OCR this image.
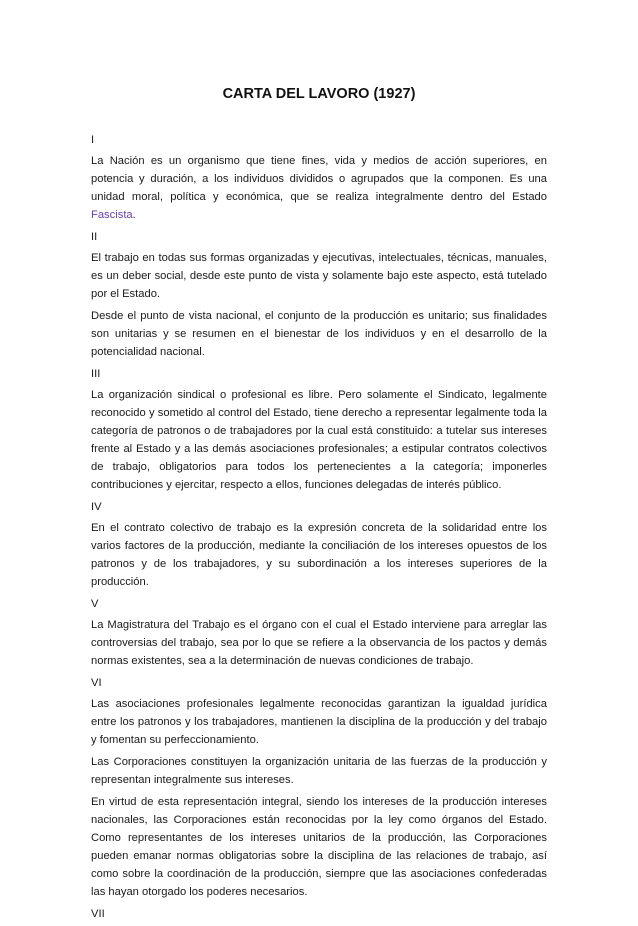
CARTA DEL LAVORO (1927)

I

La Nación es un organismo que tiene fines, vida y medios de acción superiores, en potencia y duración, a los individuos divididos o agrupados que la componen. Es una unidad moral, política y económica, que se realiza integralmente dentro del Estado Fascista.

II

El trabajo en todas sus formas organizadas y ejecutivas, intelectuales, técnicas, manuales, es un deber social, desde este punto de vista y solamente bajo este aspecto, está tutelado por el Estado.

Desde el punto de vista nacional, el conjunto de la producción es unitario; sus finalidades son unitarias y se resumen en el bienestar de los individuos y en el desarrollo de la potencialidad nacional.

III

La organización sindical o profesional es libre. Pero solamente el Sindicato, legalmente reconocido y sometido al control del Estado, tiene derecho a representar legalmente toda la categoría de patronos o de trabajadores por la cual está constituido: a tutelar sus intereses frente al Estado y a las demás asociaciones profesionales; a estipular contratos colectivos de trabajo, obligatorios para todos los pertenecientes a la categoría; imponerles contribuciones y ejercitar, respecto a ellos, funciones delegadas de interés público.

IV

En el contrato colectivo de trabajo es la expresión concreta de la solidaridad entre los varios factores de la producción, mediante la conciliación de los intereses opuestos de los patronos y de los trabajadores, y su subordinación a los intereses superiores de la producción.

V

La Magistratura del Trabajo es el órgano con el cual el Estado interviene para arreglar las controversias del trabajo, sea por lo que se refiere a la observancia de los pactos y demás normas existentes, sea a la determinación de nuevas condiciones de trabajo.

VI

Las asociaciones profesionales legalmente reconocidas garantizan la igualdad jurídica entre los patronos y los trabajadores, mantienen la disciplina de la producción y del trabajo y fomentan su perfeccionamiento.

Las Corporaciones constituyen la organización unitaria de las fuerzas de la producción y representan integralmente sus intereses.

En virtud de esta representación integral, siendo los intereses de la producción intereses nacionales, las Corporaciones están reconocidas por la ley como órganos del Estado. Como representantes de los intereses unitarios de la producción, las Corporaciones pueden emanar normas obligatorias sobre la disciplina de las relaciones de trabajo, así como sobre la coordinación de la producción, siempre que las asociaciones confederadas las hayan otorgado los poderes necesarios.

VII
